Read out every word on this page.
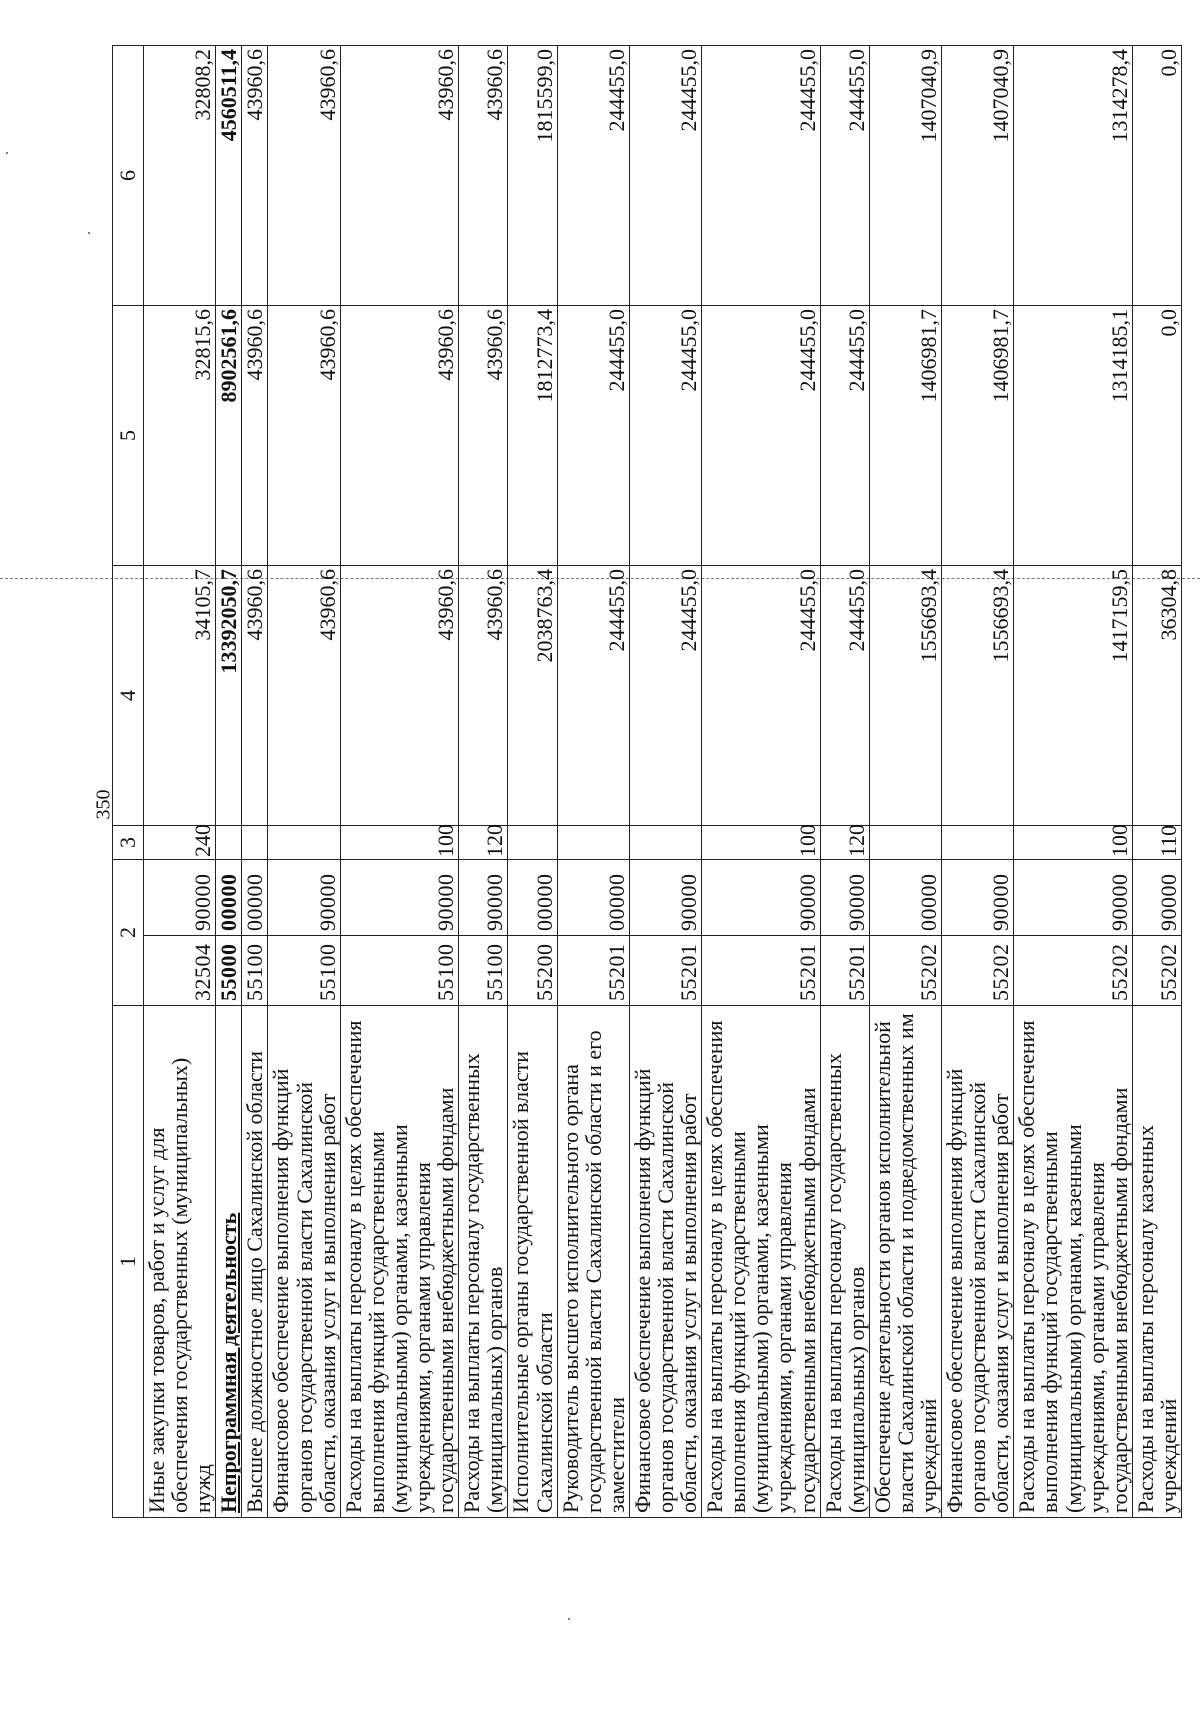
350
1	2		3	4	5	6
Иные закупки товаров, работ и услуг для обеспечения государственных (муниципальных) нужд	32504	90000	240	34105,7	32815,6	32808,2
Непрограммная деятельность	55000	00000		13392050,7	8902561,6	4560511,4
Высшее должностное лицо Сахалинской области	55100	00000		43960,6	43960,6	43960,6
Финансовое обеспечение выполнения функций органов государственной власти Сахалинской области, оказания услуг и выполнения работ	55100	90000		43960,6	43960,6	43960,6
Расходы на выплаты персоналу в целях обеспечения выполнения функций государственными (муниципальными) органами, казенными учреждениями, органами управления государственными внебюджетными фондами	55100	90000	100	43960,6	43960,6	43960,6
Расходы на выплаты персоналу государственных (муниципальных) органов	55100	90000	120	43960,6	43960,6	43960,6
Исполнительные органы государственной власти Сахалинской области	55200	00000		2038763,4	1812773,4	1815599,0
Руководитель высшего исполнительного органа государственной власти Сахалинской области и его заместители	55201	00000		244455,0	244455,0	244455,0
Финансовое обеспечение выполнения функций органов государственной власти Сахалинской области, оказания услуг и выполнения работ	55201	90000		244455,0	244455,0	244455,0
Расходы на выплаты персоналу в целях обеспечения выполнения функций государственными (муниципальными) органами, казенными учреждениями, органами управления государственными внебюджетными фондами	55201	90000	100	244455,0	244455,0	244455,0
Расходы на выплаты персоналу государственных (муниципальных) органов	55201	90000	120	244455,0	244455,0	244455,0
Обеспечение деятельности органов исполнительной власти Сахалинской области и подведомственных им учреждений	55202	00000		1556693,4	1406981,7	1407040,9
Финансовое обеспечение выполнения функций органов государственной власти Сахалинской области, оказания услуг и выполнения работ	55202	90000		1556693,4	1406981,7	1407040,9
Расходы на выплаты персоналу в целях обеспечения выполнения функций государственными (муниципальными) органами, казенными учреждениями, органами управления государственными внебюджетными фондами	55202	90000	100	1417159,5	1314185,1	1314278,4
Расходы на выплаты персоналу казенных учреждений	55202	90000	110	36304,8	0,0	0,0
